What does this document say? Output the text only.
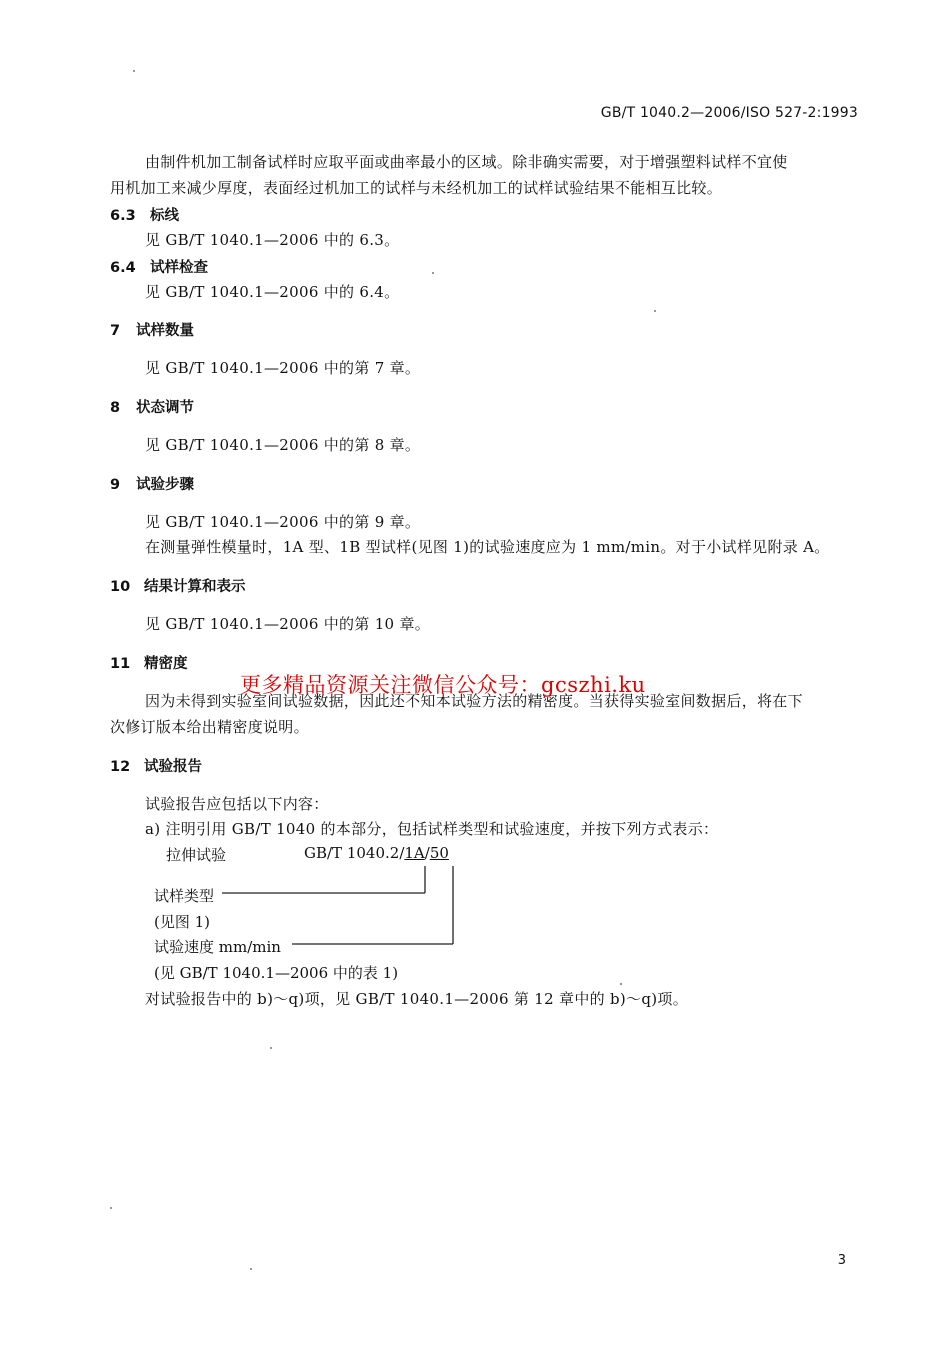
GB/T 1040.2—2006/ISO 527-2:1993
由制件机加工制备试样时应取平面或曲率最小的区域。除非确实需要，对于增强塑料试样不宜使
用机加工来减少厚度，表面经过机加工的试样与未经机加工的试样试验结果不能相互比较。
6.3 标线
见 GB/T 1040.1—2006 中的 6.3。
6.4 试样检查
见 GB/T 1040.1—2006 中的 6.4。
7 试样数量
见 GB/T 1040.1—2006 中的第 7 章。
8 状态调节
见 GB/T 1040.1—2006 中的第 8 章。
9 试验步骤
见 GB/T 1040.1—2006 中的第 9 章。
在测量弹性模量时，1A 型、1B 型试样(见图 1)的试验速度应为 1 mm/min。对于小试样见附录 A。
10 结果计算和表示
见 GB/T 1040.1—2006 中的第 10 章。
11 精密度
因为未得到实验室间试验数据，因此还不知本试验方法的精密度。当获得实验室间数据后，将在下
次修订版本给出精密度说明。
更多精品资源关注微信公众号：gcszhi.ku
12 试验报告
试验报告应包括以下内容：
a) 注明引用 GB/T 1040 的本部分，包括试样类型和试验速度，并按下列方式表示：
拉伸试验	GB/T 1040.2/1A/50
试样类型
(见图 1)
试验速度 mm/min
(见 GB/T 1040.1—2006 中的表 1)
对试验报告中的 b)～q)项，见 GB/T 1040.1—2006 第 12 章中的 b)～q)项。
3
